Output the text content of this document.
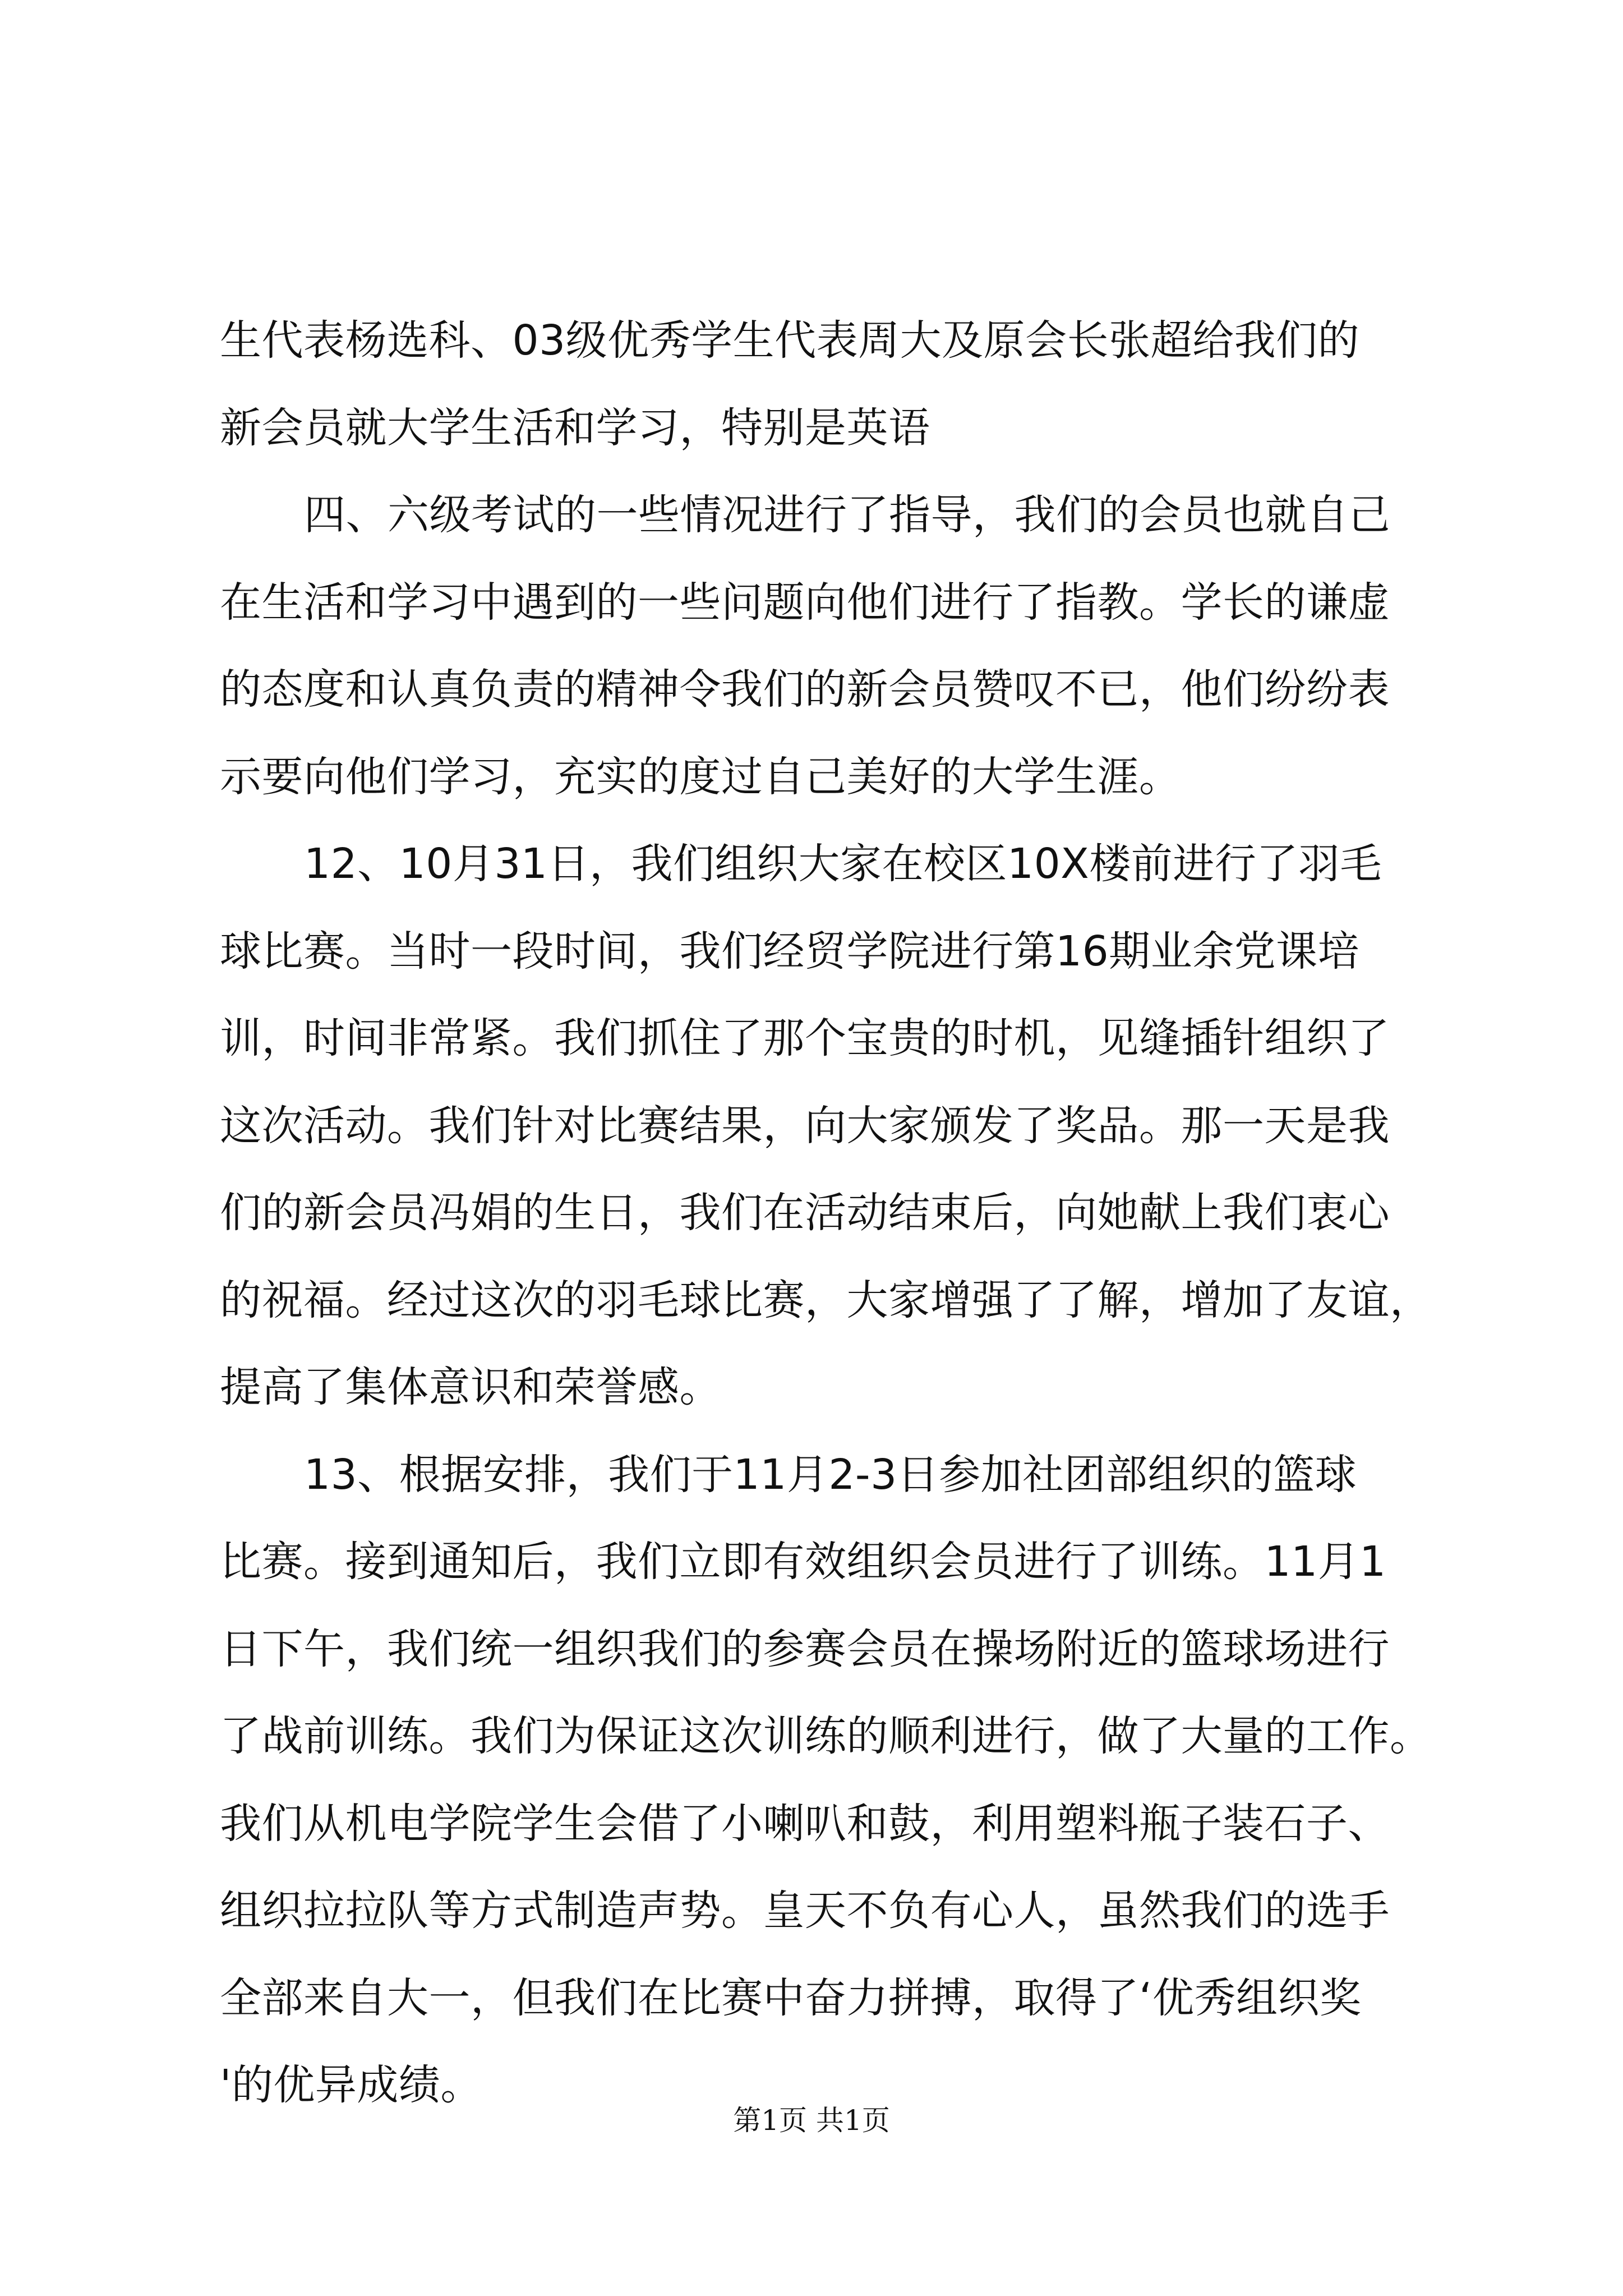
生代表杨选科、03级优秀学生代表周大及原会长张超给我们的
新会员就大学生活和学习，特别是英语
四、六级考试的一些情况进行了指导，我们的会员也就自己
在生活和学习中遇到的一些问题向他们进行了指教。学长的谦虚
的态度和认真负责的精神令我们的新会员赞叹不已，他们纷纷表
示要向他们学习，充实的度过自己美好的大学生涯。
12、10月31日，我们组织大家在校区10X楼前进行了羽毛
球比赛。当时一段时间，我们经贸学院进行第16期业余党课培
训，时间非常紧。我们抓住了那个宝贵的时机，见缝插针组织了
这次活动。我们针对比赛结果，向大家颁发了奖品。那一天是我
们的新会员冯娟的生日，我们在活动结束后，向她献上我们衷心
的祝福。经过这次的羽毛球比赛，大家增强了了解，增加了友谊，
提高了集体意识和荣誉感。
13、根据安排，我们于11月2-3日参加社团部组织的篮球
比赛。接到通知后，我们立即有效组织会员进行了训练。11月1
日下午，我们统一组织我们的参赛会员在操场附近的篮球场进行
了战前训练。我们为保证这次训练的顺利进行，做了大量的工作。
我们从机电学院学生会借了小喇叭和鼓，利用塑料瓶子装石子、
组织拉拉队等方式制造声势。皇天不负有心人，虽然我们的选手
全部来自大一，但我们在比赛中奋力拼搏，取得了‘优秀组织奖
'的优异成绩。
第1页 共1页
